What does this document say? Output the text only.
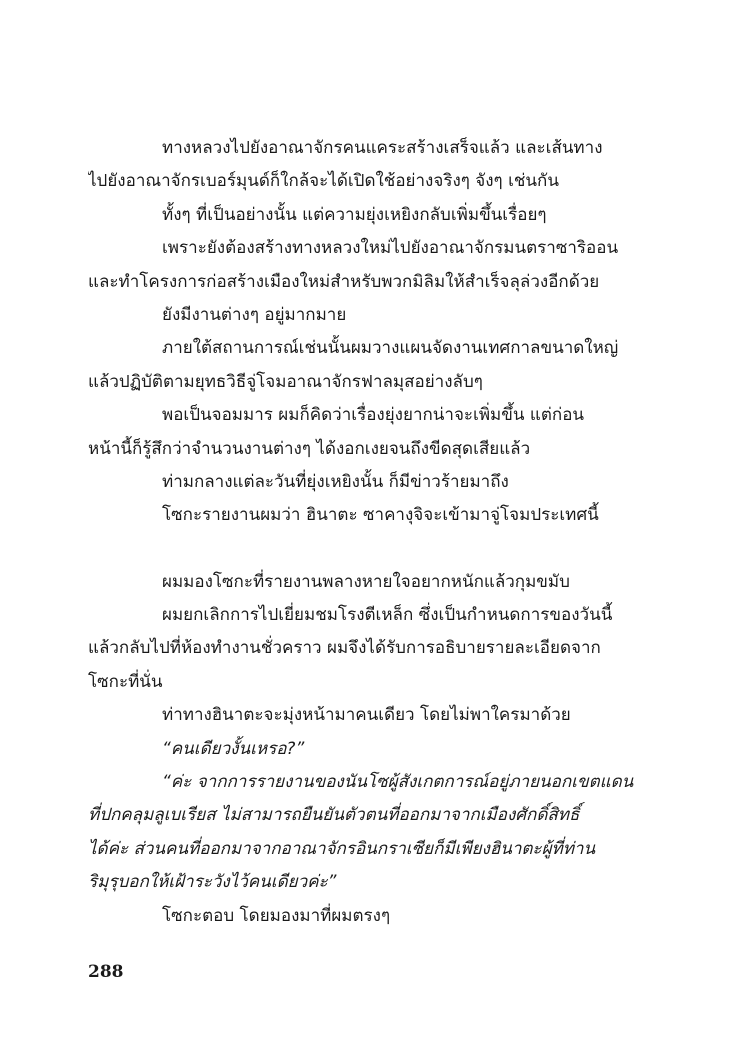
ทางหลวงไปยังอาณาจักรคนแคระสร้างเสร็จแล้ว และเส้นทาง
ไปยังอาณาจักรเบอร์มุนด์ก็ใกล้จะได้เปิดใช้อย่างจริงๆ จังๆ เช่นกัน
ทั้งๆ ที่เป็นอย่างนั้น แต่ความยุ่งเหยิงกลับเพิ่มขึ้นเรื่อยๆ
เพราะยังต้องสร้างทางหลวงใหม่ไปยังอาณาจักรมนตราซาริออน
และทำโครงการก่อสร้างเมืองใหม่สำหรับพวกมิลิมให้สำเร็จลุล่วงอีกด้วย
ยังมีงานต่างๆ อยู่มากมาย
ภายใต้สถานการณ์เช่นนั้นผมวางแผนจัดงานเทศกาลขนาดใหญ่
แล้วปฏิบัติตามยุทธวิธีจู่โจมอาณาจักรฟาลมุสอย่างลับๆ
พอเป็นจอมมาร ผมก็คิดว่าเรื่องยุ่งยากน่าจะเพิ่มขึ้น แต่ก่อน
หน้านี้ก็รู้สึกว่าจำนวนงานต่างๆ ได้งอกเงยจนถึงขีดสุดเสียแล้ว
ท่ามกลางแต่ละวันที่ยุ่งเหยิงนั้น ก็มีข่าวร้ายมาถึง
โซกะรายงานผมว่า ฮินาตะ ซาคางุจิจะเข้ามาจู่โจมประเทศนี้
ผมมองโซกะที่รายงานพลางหายใจอยากหนักแล้วกุมขมับ
ผมยกเลิกการไปเยี่ยมชมโรงตีเหล็ก ซึ่งเป็นกำหนดการของวันนี้
แล้วกลับไปที่ห้องทำงานชั่วคราว ผมจึงได้รับการอธิบายรายละเอียดจาก
โซกะที่นั่น
ท่าทางฮินาตะจะมุ่งหน้ามาคนเดียว โดยไม่พาใครมาด้วย
“คนเดียวงั้นเหรอ?”
“ค่ะ จากการรายงานของนันโซผู้สังเกตการณ์อยู่ภายนอกเขตแดน
ที่ปกคลุมลูเบเรียส ไม่สามารถยืนยันตัวตนที่ออกมาจากเมืองศักดิ์สิทธิ์
ได้ค่ะ ส่วนคนที่ออกมาจากอาณาจักรอินกราเซียก็มีเพียงฮินาตะผู้ที่ท่าน
ริมุรุบอกให้เฝ้าระวังไว้คนเดียวค่ะ”
โซกะตอบ โดยมองมาที่ผมตรงๆ
288
